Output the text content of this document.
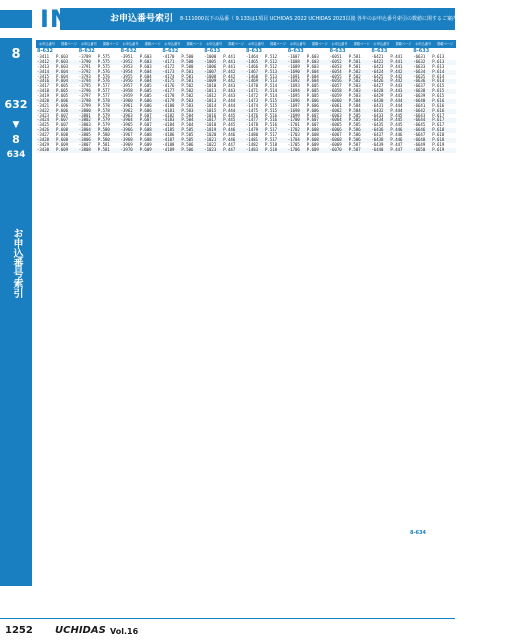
INDEX
お申込番号索引 8-111000以下の品番（ 9.133は1項目 UCHIDAS 2022 UCHIDAS 2023以後 各年のお申込番号索引の数値に関するご案内は各ページにお記載あります。
8
632
▼
8
634
お申込番号索引
お申込番号	掲載ページ
8-632
-3411	P.603
-3412	P.603
-3413	P.603
-3414	P.604
-3415	P.604
-3416	P.604
-3417	P.605
-3418	P.605
-3419	P.605
-3420	P.606
-3421	P.606
-3422	P.606
-3423	P.607
-3424	P.607
-3425	P.607
-3426	P.608
-3427	P.608
-3428	P.608
-3429	P.609
-3430	P.609
お申込番号	掲載ページ
8-632
-3789	P.575
-3790	P.575
-3791	P.575
-3792	P.576
-3793	P.576
-3794	P.576
-3795	P.577
-3796	P.577
-3797	P.577
-3798	P.578
-3799	P.578
-3800	P.578
-3801	P.579
-3802	P.579
-3803	P.579
-3804	P.580
-3805	P.580
-3806	P.580
-3807	P.581
-3808	P.581
お申込番号	掲載ページ
8-632
-3951	P.603
-3952	P.603
-3953	P.603
-3954	P.604
-3955	P.604
-3956	P.604
-3957	P.605
-3958	P.605
-3959	P.605
-3960	P.606
-3961	P.606
-3962	P.606
-3963	P.607
-3964	P.607
-3965	P.607
-3966	P.608
-3967	P.608
-3968	P.608
-3969	P.609
-3970	P.609
お申込番号	掲載ページ
8-632
-4170	P.500
-4171	P.500
-4172	P.500
-4173	P.501
-4174	P.501
-4175	P.501
-4176	P.502
-4177	P.502
-4178	P.502
-4179	P.503
-4180	P.503
-4181	P.503
-4182	P.504
-4183	P.504
-4184	P.504
-4185	P.505
-4186	P.505
-4187	P.505
-4188	P.506
-4189	P.506
お申込番号	掲載ページ
8-633
-1000	P.441
-1005	P.441
-1006	P.441
-1007	P.442
-1008	P.442
-1009	P.442
-1010	P.443
-1011	P.443
-1012	P.443
-1013	P.444
-1014	P.444
-1015	P.444
-1016	P.445
-1017	P.445
-1018	P.445
-1019	P.446
-1020	P.446
-1021	P.446
-1022	P.447
-1023	P.447
お申込番号	掲載ページ
8-633
-1464	P.512
-1465	P.512
-1466	P.512
-1467	P.513
-1468	P.513
-1469	P.513
-1470	P.514
-1471	P.514
-1472	P.514
-1473	P.515
-1474	P.515
-1475	P.515
-1476	P.516
-1477	P.516
-1478	P.516
-1479	P.517
-1480	P.517
-1481	P.517
-1482	P.518
-1483	P.518
お申込番号	掲載ページ
8-633
-1687	P.603
-1688	P.603
-1689	P.603
-1690	P.604
-1691	P.604
-1692	P.604
-1693	P.605
-1694	P.605
-1695	P.605
-1696	P.606
-1697	P.606
-1698	P.606
-1699	P.607
-1700	P.607
-1701	P.607
-1702	P.608
-1703	P.608
-1704	P.608
-1705	P.609
-1706	P.609
お申込番号	掲載ページ
8-633
-6051	P.581
-6052	P.581
-6053	P.581
-6054	P.582
-6055	P.582
-6056	P.582
-6057	P.583
-6058	P.583
-6059	P.583
-6060	P.584
-6061	P.584
-6062	P.584
-6063	P.585
-6064	P.585
-6065	P.585
-6066	P.586
-6067	P.586
-6068	P.586
-6069	P.587
-6070	P.587
お申込番号	掲載ページ
8-633
-6421	P.441
-6422	P.441
-6423	P.441
-6424	P.442
-6425	P.442
-6426	P.442
-6427	P.443
-6428	P.443
-6429	P.443
-6430	P.444
-6431	P.444
-6432	P.444
-6433	P.445
-6434	P.445
-6435	P.445
-6436	P.446
-6437	P.446
-6438	P.446
-6439	P.447
-6440	P.447
お申込番号	掲載ページ
8-633
-6631	P.613
-6632	P.613
-6633	P.613
-6634	P.614
-6635	P.614
-6636	P.614
-6637	P.615
-6638	P.615
-6639	P.615
-6640	P.616
-6641	P.616
-6642	P.616
-6643	P.617
-6644	P.617
-6645	P.617
-6646	P.618
-6647	P.618
-6648	P.618
-6649	P.619
-6650	P.619
8-634
1252 UCHIDAS Vol.16
